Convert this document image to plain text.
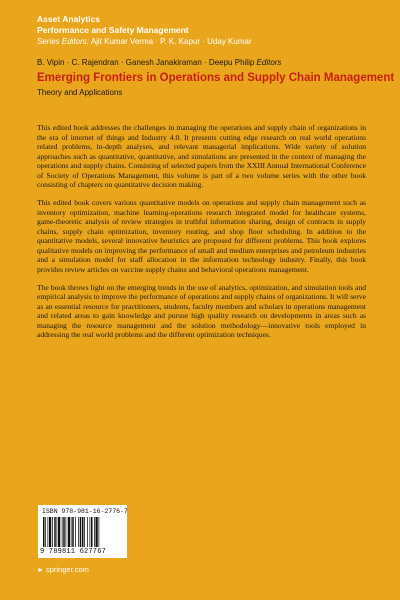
Asset Analytics
Performance and Safety Management
Series Editors: Ajit Kumar Verma · P. K. Kapur · Uday Kumar
B. Vipin · C. Rajendran · Ganesh Janakiraman · Deepu Philip Editors
Emerging Frontiers in Operations and Supply Chain Management
Theory and Applications

This edited book addresses the challenges in managing the operations and supply chain of organizations in the era of internet of things and Industry 4.0. It presents cutting edge research on real world operations related problems, in-depth analyses, and relevant managerial implications. Wide variety of solution approaches such as quantitative, quantitative, and simulations are presented in the context of managing the operations and supply chains. Consisting of selected papers from the XXIII Annual International Conference of Society of Operations Management, this volume is part of a two volume series with the other book consisting of chapters on quantitative decision making.

This edited book covers various quantitative models on operations and supply chain management such as inventory optimization, machine learning-operations research integrated model for healthcare systems, game-theoretic analysis of review strategies in truthful information sharing, design of contracts in supply chains, supply chain optimization, inventory routing, and shop floor scheduling. In addition to the quantitative models, several innovative heuristics are proposed for different problems. This book explores qualitative models on improving the performance of small and medium enterprises and petroleum industries and a simulation model for staff allocation in the information technology industry. Finally, this book provides review articles on vaccine supply chains and behavioral operations management.

The book throws light on the emerging trends in the use of analytics, optimization, and simulation tools and empirical analysis to improve the performance of operations and supply chains of organizations. It will serve as an essential resource for practitioners, students, faculty members and scholars in operations management and related areas to gain knowledge and pursue high quality research on developments in areas such as managing the resource management and the solution methodology—innovative tools employed in addressing the real world problems and the different optimization techniques.

ISBN 978-981-16-2776-7
9 789811 627767
► springer.com
